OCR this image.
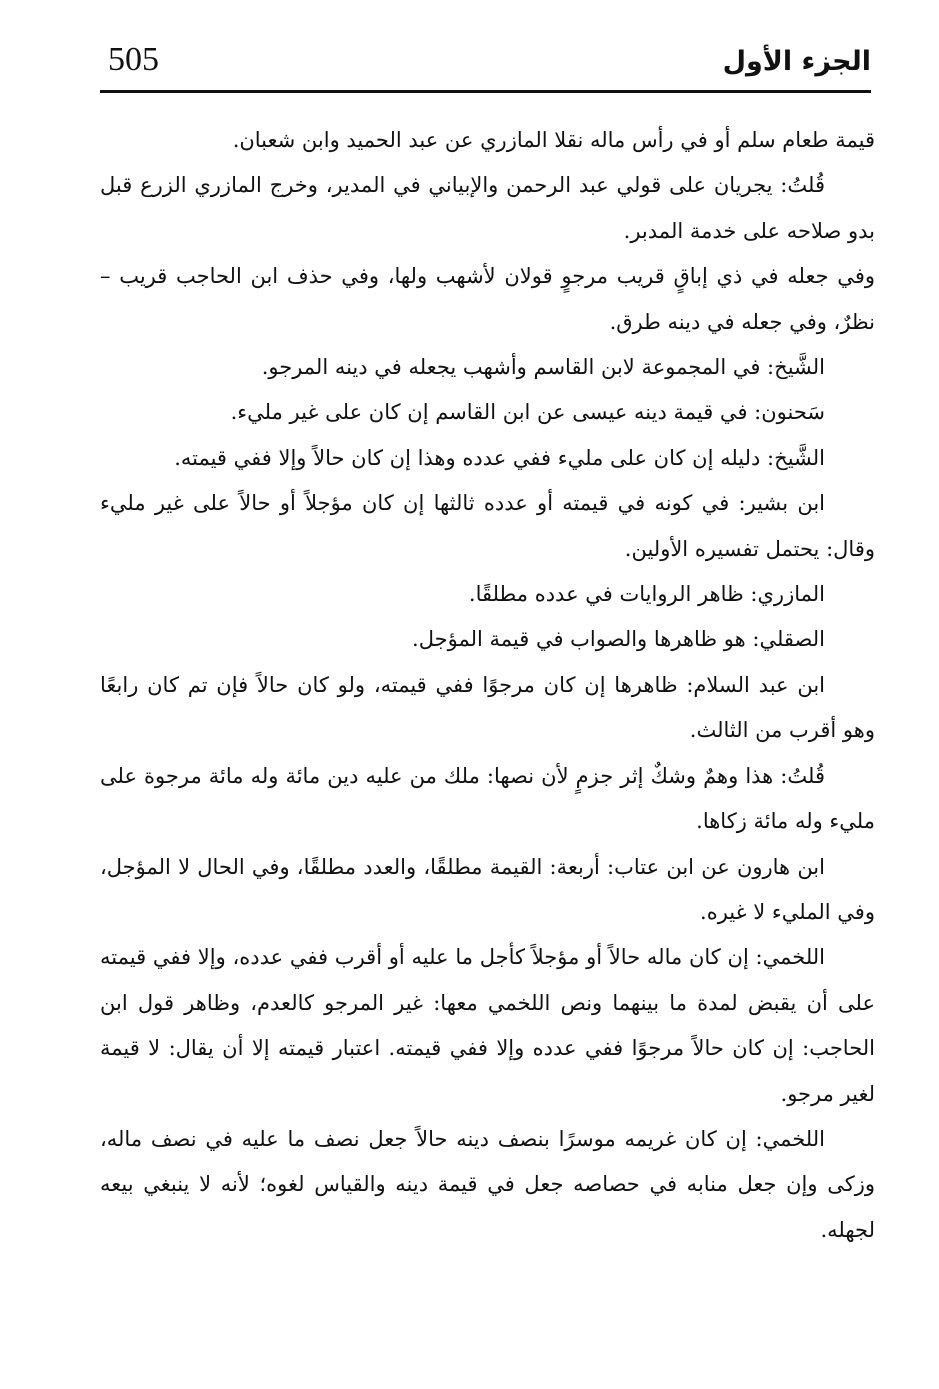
505	الجزء الأول

قيمة طعام سلم أو في رأس ماله نقلا المازري عن عبد الحميد وابن شعبان.

قُلتُ: يجريان على قولي عبد الرحمن والإبياني في المدير، وخرج المازري الزرع قبل بدو صلاحه على خدمة المدبر.

وفي جعله في ذي إباقٍ قريب مرجوٍ قولان لأشهب ولها، وفي حذف ابن الحاجب قريب – نظرٌ، وفي جعله في دينه طرق.

الشَّيخ: في المجموعة لابن القاسم وأشهب يجعله في دينه المرجو.

سَحنون: في قيمة دينه عيسى عن ابن القاسم إن كان على غير مليء.

الشَّيخ: دليله إن كان على مليء ففي عدده وهذا إن كان حالاً وإلا ففي قيمته.

ابن بشير: في كونه في قيمته أو عدده ثالثها إن كان مؤجلاً أو حالاً على غير مليء وقال: يحتمل تفسيره الأولين.

المازري: ظاهر الروايات في عدده مطلقًا.

الصقلي: هو ظاهرها والصواب في قيمة المؤجل.

ابن عبد السلام: ظاهرها إن كان مرجوًا ففي قيمته، ولو كان حالاً فإن تم كان رابعًا وهو أقرب من الثالث.

قُلتُ: هذا وهمٌ وشكٌ إثر جزمٍ لأن نصها: ملك من عليه دين مائة وله مائة مرجوة على مليء وله مائة زكاها.

ابن هارون عن ابن عتاب: أربعة: القيمة مطلقًا، والعدد مطلقًا، وفي الحال لا المؤجل، وفي المليء لا غيره.

اللخمي: إن كان ماله حالاً أو مؤجلاً كأجل ما عليه أو أقرب ففي عدده، وإلا ففي قيمته على أن يقبض لمدة ما بينهما ونص اللخمي معها: غير المرجو كالعدم، وظاهر قول ابن الحاجب: إن كان حالاً مرجوًا ففي عدده وإلا ففي قيمته. اعتبار قيمته إلا أن يقال: لا قيمة لغير مرجو.

اللخمي: إن كان غريمه موسرًا بنصف دينه حالاً جعل نصف ما عليه في نصف ماله، وزكى وإن جعل منابه في حصاصه جعل في قيمة دينه والقياس لغوه؛ لأنه لا ينبغي بيعه لجهله.
